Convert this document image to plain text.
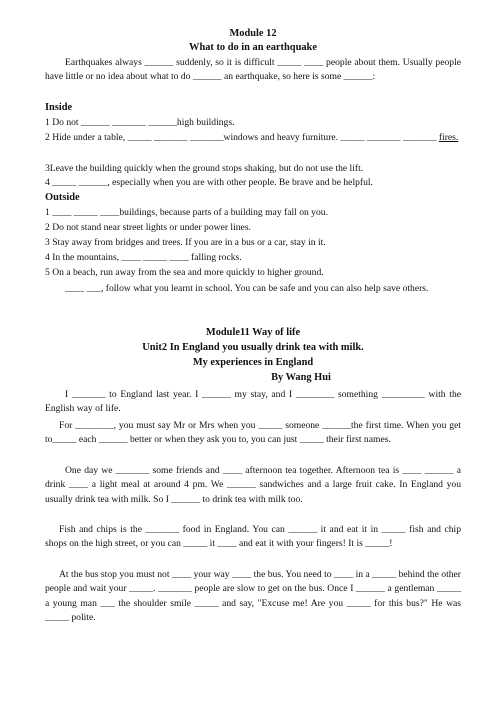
Module 12

What to do in an earthquake

Earthquakes always ______ suddenly, so it is difficult _____ ____ people about them. Usually people have little or no idea about what to do ______ an earthquake, so here is some ______:

Inside

1 Do not ______ _______ ______high buildings.

2 Hide under a table, _____ _______ _______windows and heavy furniture. _____ _______ _______ fires.

3Leave the building quickly when the ground stops shaking, but do not use the lift.

4 _____ ______, especially when you are with other people. Be brave and be helpful.

Outside

1 ____ _____ ____buildings, because parts of a building may fall on you.

2 Do not stand near street lights or under power lines.

3 Stay away from bridges and trees. If you are in a bus or a car, stay in it.

4 In the mountains, ____ _____ ____ falling rocks.

5 On a beach, run away from the sea and more quickly to higher ground.

____ ___, follow what you learnt in school. You can be safe and you can also help save others.

Module11 Way of life

Unit2 In England you usually drink tea with milk.

My experiences in England

By Wang Hui

I _______ to England last year. I ______ my stay, and I ________ something _________ with the English way of life.

For ________, you must say Mr or Mrs when you _____ someone ______the first time. When you get to_____ each ______ better or when they ask you to, you can just _____ their first names.

One day we _______ some friends and ____ afternoon tea together. Afternoon tea is ____ ______ a drink ____ a light meal at around 4 pm. We ______ sandwiches and a large fruit cake. In England you usually drink tea with milk. So I ______ to drink tea with milk too.

Fish and chips is the _______ food in England. You can ______ it and eat it in _____ fish and chip shops on the high street, or you can _____ it ____ and eat it with your fingers! It is _____!

At the bus stop you must not ____ your way ____ the bus. You need to ____ in a _____ behind the other people and wait your _____. _______ people are slow to get on the bus. Once I ______ a gentleman _____ a young man ___ the shoulder smile _____ and say, "Excuse me! Are you _____ for this bus?" He was _____ polite.
